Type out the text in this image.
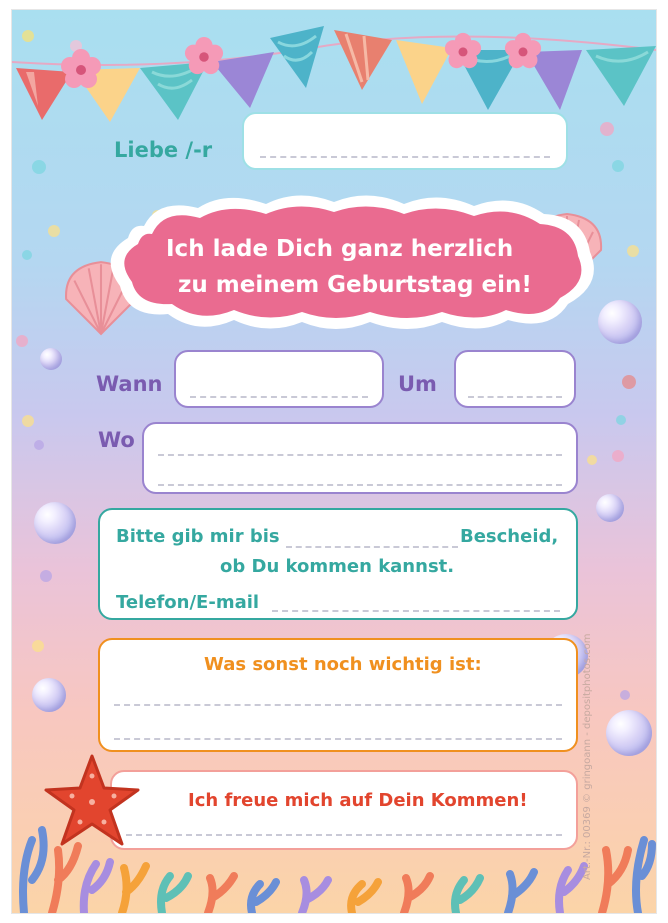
Liebe /-r
Ich lade Dich ganz herzlich
zu meinem Geburtstag ein!
Wann	Um
Wo
Bitte gib mir bis	Bescheid,
ob Du kommen kannst.
Telefon/E-mail
Was sonst noch wichtig ist:
Ich freue mich auf Dein Kommen!	Art.-Nr.: 00369 © gringoann - depositphotos.com
